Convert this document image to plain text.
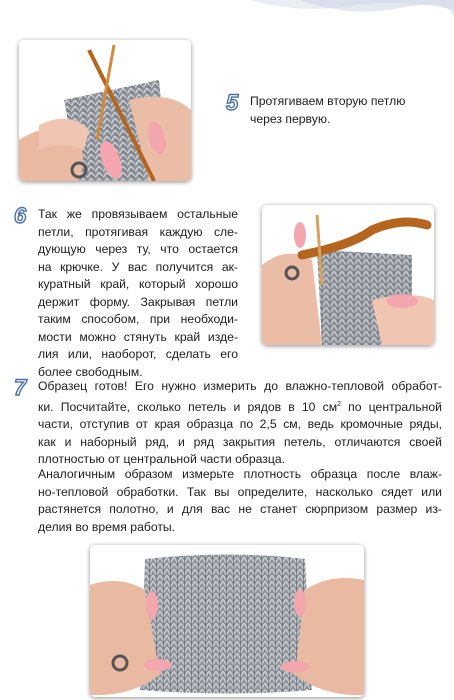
5 Протягиваем вторую петлю
через первую.
6 Так же провязываем остальные
петли, протягивая каждую сле-
дующую через ту, что остается
на крючке. У вас получится ак-
куратный край, который хорошо
держит форму. Закрывая петли
таким способом, при необходи-
мости можно стянуть край изде-
лия или, наоборот, сделать его
более свободным.
7 Образец готов! Его нужно измерить до влажно-тепловой обработ-
ки. Посчитайте, сколько петель и рядов в 10 $см^2$ по центральной
части, отступив от края образца по 2,5 см, ведь кромочные ряды,
как и наборный ряд, и ряд закрытия петель, отличаются своей
плотностью от центральной части образца.
Аналогичным образом измерьте плотность образца после влаж-
но-тепловой обработки. Так вы определите, насколько сядет или
растянется полотно, и для вас не станет сюрпризом размер из-
делия во время работы.
